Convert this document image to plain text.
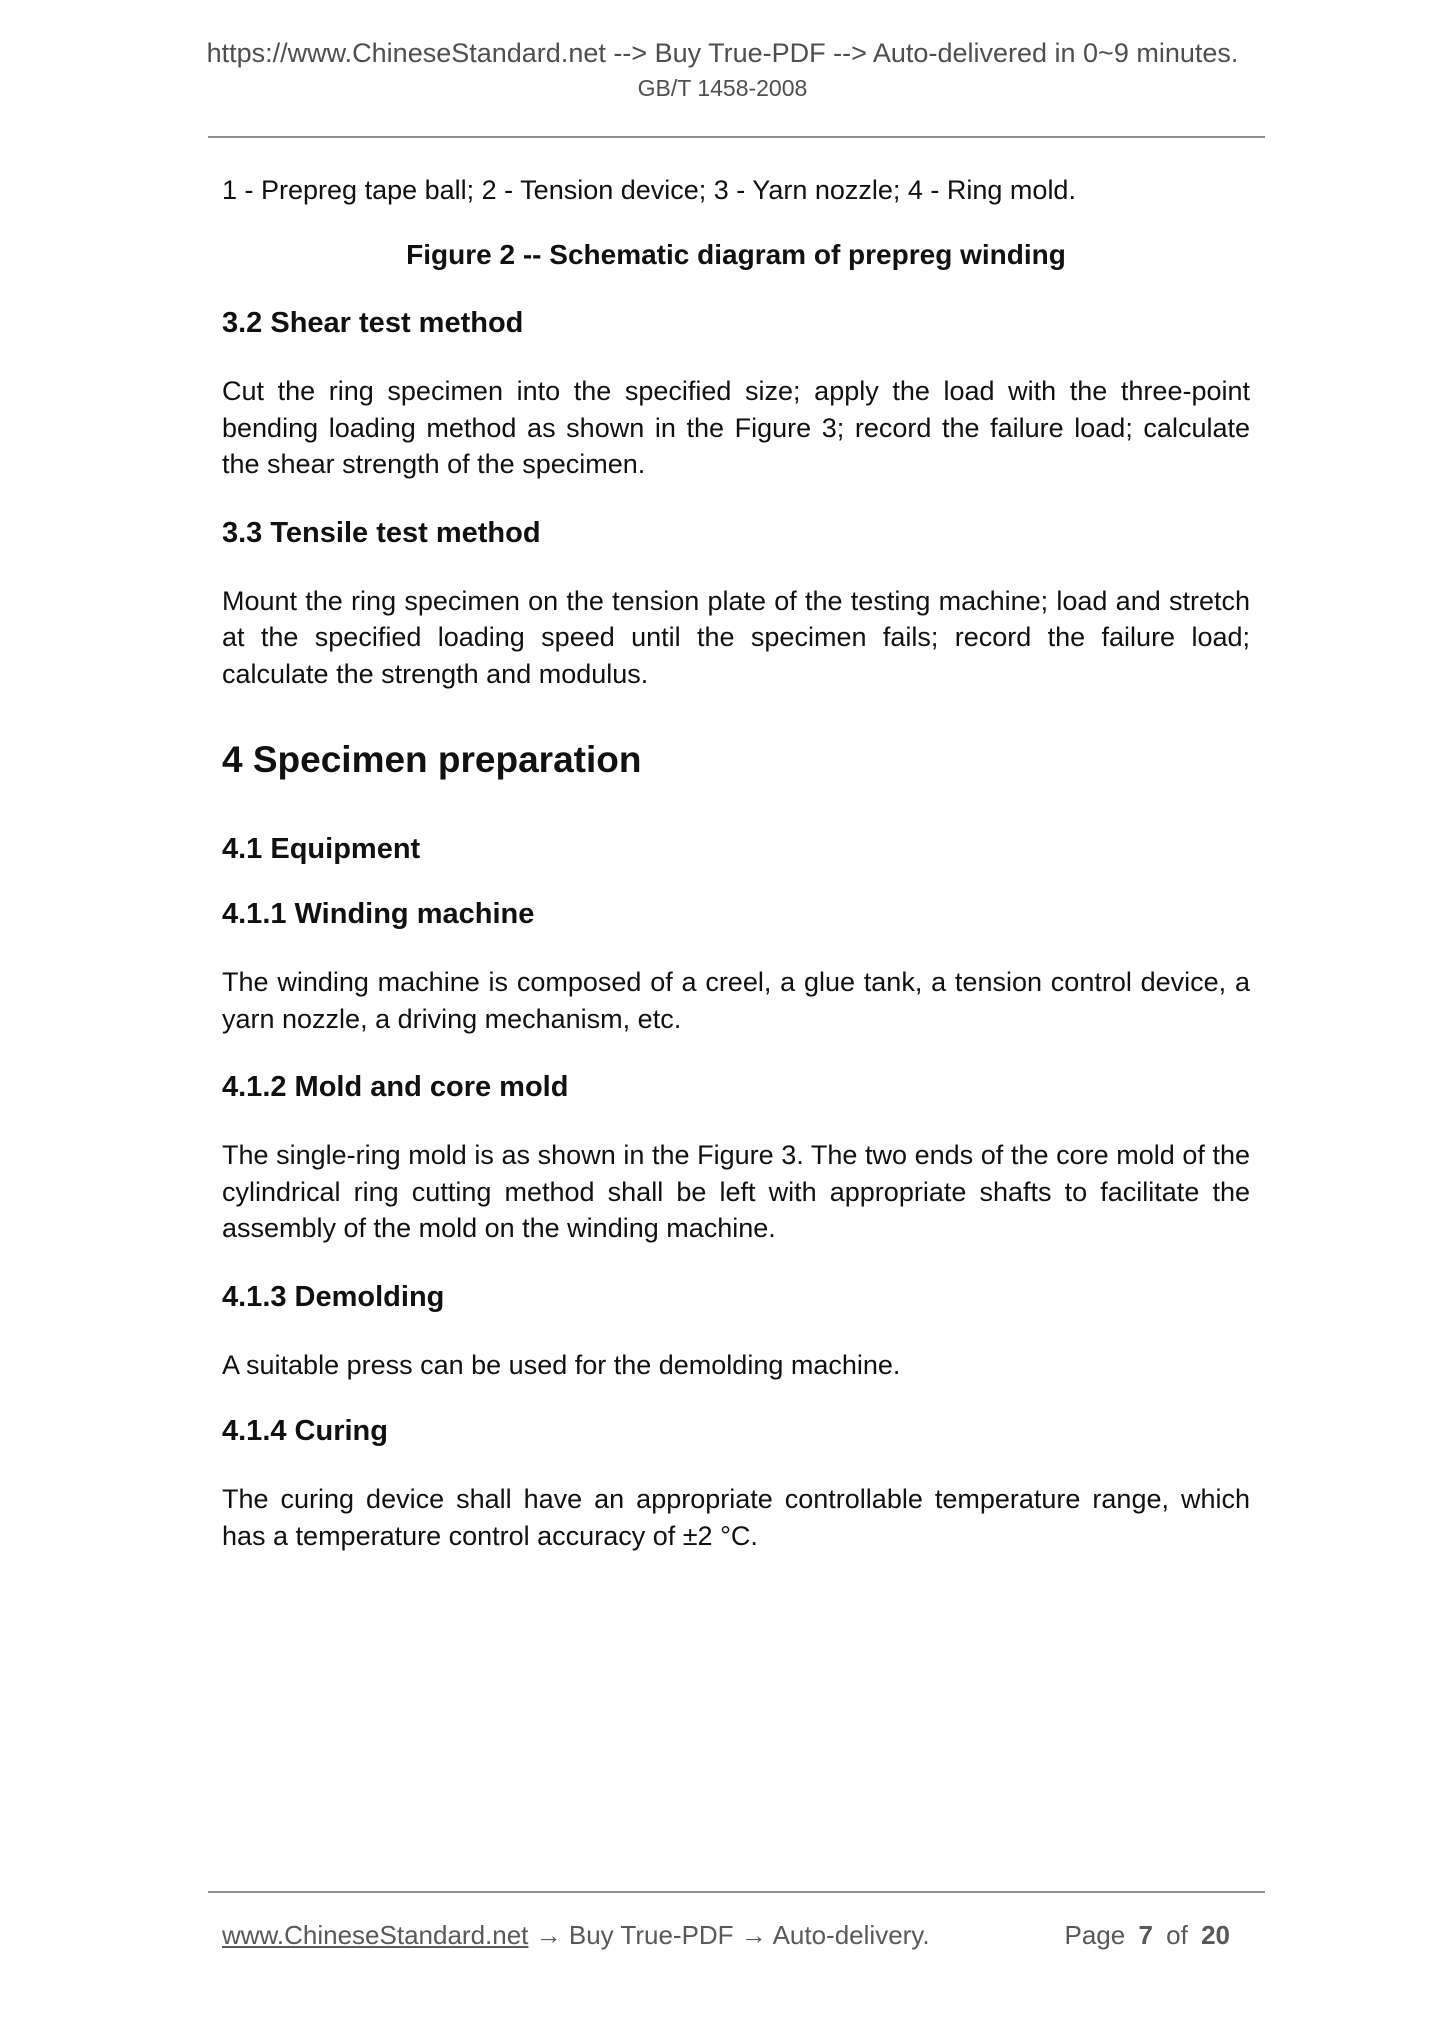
https://www.ChineseStandard.net --> Buy True-PDF --> Auto-delivered in 0~9 minutes.
GB/T 1458-2008

1 - Prepreg tape ball; 2 - Tension device; 3 - Yarn nozzle; 4 - Ring mold.

Figure 2 -- Schematic diagram of prepreg winding

3.2 Shear test method

Cut the ring specimen into the specified size; apply the load with the three-point bending loading method as shown in the Figure 3; record the failure load; calculate the shear strength of the specimen.

3.3 Tensile test method

Mount the ring specimen on the tension plate of the testing machine; load and stretch at the specified loading speed until the specimen fails; record the failure load; calculate the strength and modulus.

4 Specimen preparation
4.1 Equipment
4.1.1 Winding machine

The winding machine is composed of a creel, a glue tank, a tension control device, a yarn nozzle, a driving mechanism, etc.

4.1.2 Mold and core mold

The single-ring mold is as shown in the Figure 3. The two ends of the core mold of the cylindrical ring cutting method shall be left with appropriate shafts to facilitate the assembly of the mold on the winding machine.

4.1.3 Demolding

A suitable press can be used for the demolding machine.

4.1.4 Curing

The curing device shall have an appropriate controllable temperature range, which has a temperature control accuracy of ±2 °C.

www.ChineseStandard.net → Buy True-PDF → Auto-delivery.	Page 7 of 20
